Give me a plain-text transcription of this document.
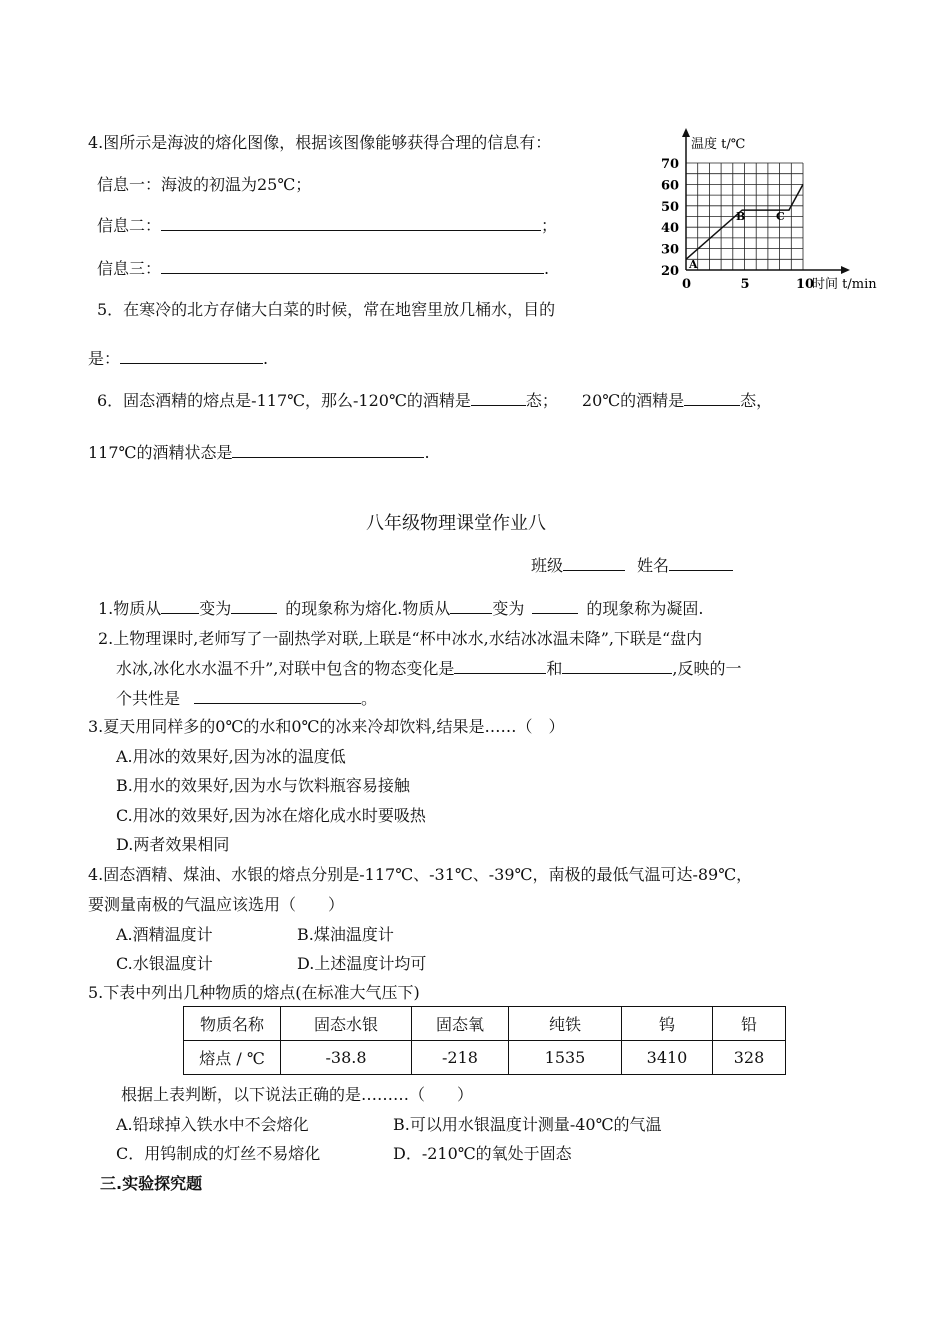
4.图所示是海波的熔化图像，根据该图像能够获得合理的信息有：
信息一：海波的初温为25℃；
信息二：	；
信息三：	.
5．在寒冷的北方存储大白菜的时候，常在地窖里放几桶水，目的
是：	.
6．固态酒精的熔点是-117℃，那么-120℃的酒精是	态； 20℃的酒精是	态，
117℃的酒精状态是	.
70
60
50
40
30
20
0	5	10
温度 t/℃
时间 t/min
A
B	C
八年级物理课堂作业八
班级	姓名
1.物质从 变为	的现象称为熔化.物质从	变为	的现象称为凝固.
2.上物理课时,老师写了一副热学对联,上联是“杯中冰水,水结冰冰温未降”,下联是“盘内
水冰,冰化水水温不升”,对联中包含的物态变化是	和	,反映的一
个共性是	。
3.夏天用同样多的0℃的水和0℃的冰来冷却饮料,结果是……（　）
A.用冰的效果好,因为冰的温度低
B.用水的效果好,因为水与饮料瓶容易接触
C.用冰的效果好,因为冰在熔化成水时要吸热
D.两者效果相同
4.固态酒精、煤油、水银的熔点分别是-117℃、-31℃、-39℃，南极的最低气温可达-89℃，
要测量南极的气温应该选用（　　）
A.酒精温度计	B.煤油温度计
C.水银温度计	D.上述温度计均可
5.下表中列出几种物质的熔点(在标准大气压下)
物质名称	固态水银	固态氧	纯铁	钨	铅
熔点 / ℃	-38.8	-218	1535	3410	328
根据上表判断，以下说法正确的是………（　　）
A.铅球掉入铁水中不会熔化	B.可以用水银温度计测量-40℃的气温
C．用钨制成的灯丝不易熔化	D．-210℃的氧处于固态
三.实验探究题
